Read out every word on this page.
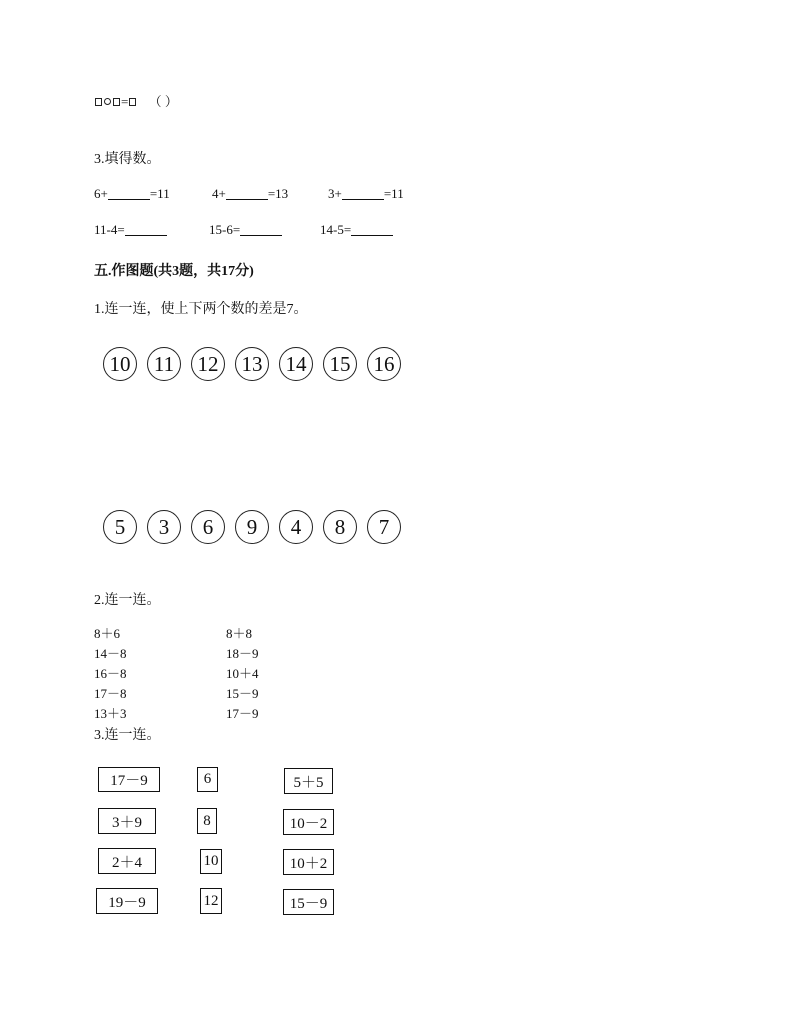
= （ ）
3.填得数。
6+	=11	4+	=13	3+	=11
11-4=	15-6=	14-5=
五.作图题(共3题，共17分)
1.连一连，使上下两个数的差是7。
10	11	12	13	14	15	16
5	3	6	9	4	8	7
2.连一连。
8＋6
14－8
16－8
17－8
13＋3
8＋8
18－9
10＋4
15－9
17－9
3.连一连。
17－9
3＋9
2＋4
19－9
6
8
10
12
5＋5
10－2
10＋2
15－9
